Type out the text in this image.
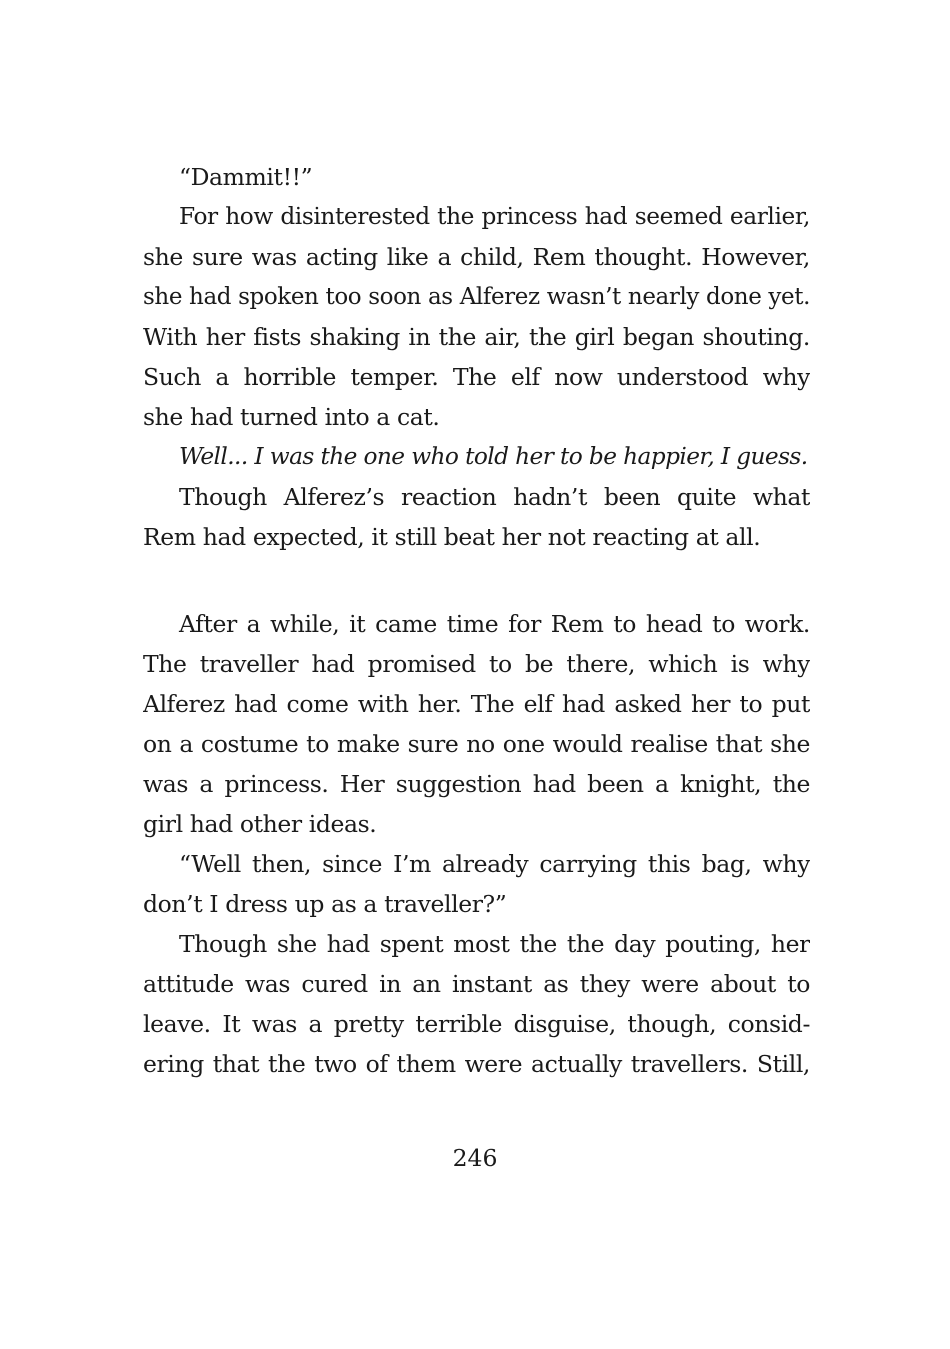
“Dammit!!”
For how disinterested the princess had seemed earlier,
she sure was acting like a child, Rem thought. However,
she had spoken too soon as Alferez wasn’t nearly done yet.
With her fists shaking in the air, the girl began shouting.
Such a horrible temper. The elf now understood why
she had turned into a cat.
Well... I was the one who told her to be happier, I guess.
Though Alferez’s reaction hadn’t been quite what
Rem had expected, it still beat her not reacting at all.
After a while, it came time for Rem to head to work.
The traveller had promised to be there, which is why
Alferez had come with her. The elf had asked her to put
on a costume to make sure no one would realise that she
was a princess. Her suggestion had been a knight, the
girl had other ideas.
“Well then, since I’m already carrying this bag, why
don’t I dress up as a traveller?”
Though she had spent most the the day pouting, her
attitude was cured in an instant as they were about to
leave. It was a pretty terrible disguise, though, consid-
ering that the two of them were actually travellers. Still,
246
